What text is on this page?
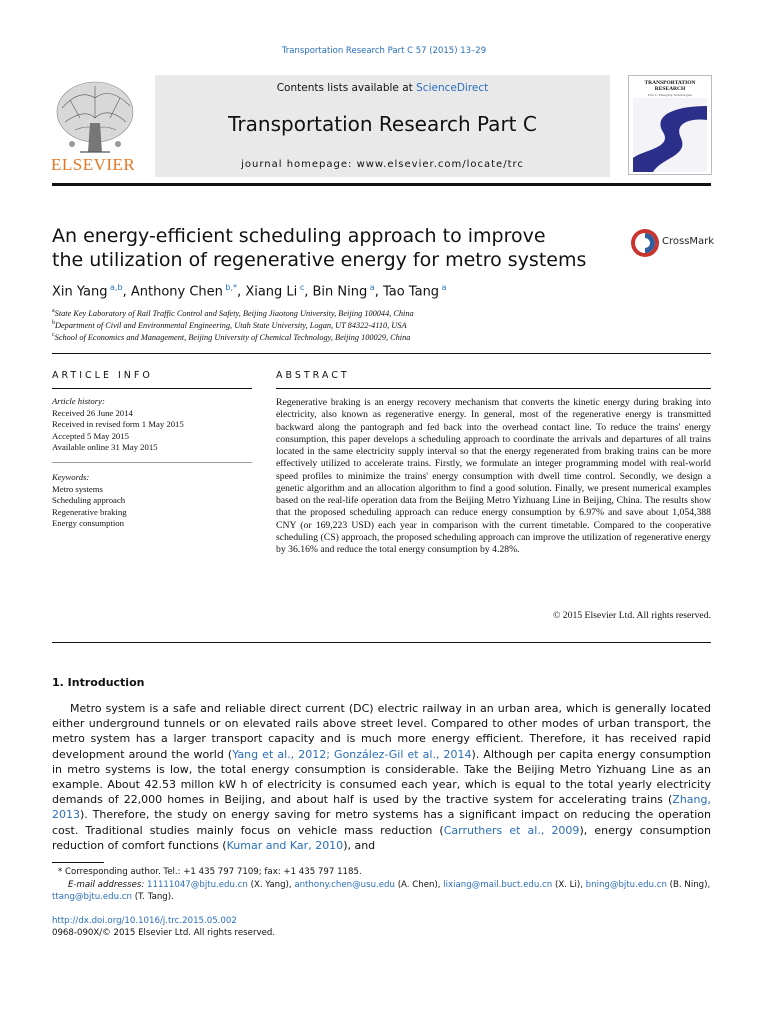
Transportation Research Part C 57 (2015) 13–29
Contents lists available at ScienceDirect
Transportation Research Part C
journal homepage: www.elsevier.com/locate/trc
ELSEVIER
TRANSPORTATION RESEARCH
Part C: Emerging Technologies
An energy-efficient scheduling approach to improve
the utilization of regenerative energy for metro systems
CrossMark
Xin Yang $^{a,b}$, Anthony Chen $^{b,*}$, Xiang Li $^c$, Bin Ning $^a$, Tao Tang $^a$
$^a$State Key Laboratory of Rail Traffic Control and Safety, Beijing Jiaotong University, Beijing 100044, China
$^b$Department of Civil and Environmental Engineering, Utah State University, Logan, UT 84322-4110, USA
$^c$School of Economics and Management, Beijing University of Chemical Technology, Beijing 100029, China
ARTICLE INFO
Article history:
Received 26 June 2014
Received in revised form 1 May 2015
Accepted 5 May 2015
Available online 31 May 2015
Keywords:
Metro systems
Scheduling approach
Regenerative braking
Energy consumption
ABSTRACT
Regenerative braking is an energy recovery mechanism that converts the kinetic energy during braking into electricity, also known as regenerative energy. In general, most of the regenerative energy is transmitted backward along the pantograph and fed back into the overhead contact line. To reduce the trains' energy consumption, this paper develops a scheduling approach to coordinate the arrivals and departures of all trains located in the same electricity supply interval so that the energy regenerated from braking trains can be more effectively utilized to accelerate trains. Firstly, we formulate an integer programming model with real-world speed profiles to minimize the trains' energy consumption with dwell time control. Secondly, we design a genetic algorithm and an allocation algorithm to find a good solution. Finally, we present numerical examples based on the real-life operation data from the Beijing Metro Yizhuang Line in Beijing, China. The results show that the proposed scheduling approach can reduce energy consumption by 6.97% and save about 1,054,388 CNY (or 169,223 USD) each year in comparison with the current timetable. Compared to the cooperative scheduling (CS) approach, the proposed scheduling approach can improve the utilization of regenerative energy by 36.16% and reduce the total energy consumption by 4.28%.
© 2015 Elsevier Ltd. All rights reserved.
1. Introduction
Metro system is a safe and reliable direct current (DC) electric railway in an urban area, which is generally located either underground tunnels or on elevated rails above street level. Compared to other modes of urban transport, the metro system has a larger transport capacity and is much more energy efficient. Therefore, it has received rapid development around the world (Yang et al., 2012; González-Gil et al., 2014). Although per capita energy consumption in metro systems is low, the total energy consumption is considerable. Take the Beijing Metro Yizhuang Line as an example. About 42.53 millon kW h of electricity is consumed each year, which is equal to the total yearly electricity demands of 22,000 homes in Beijing, and about half is used by the tractive system for accelerating trains (Zhang, 2013). Therefore, the study on energy saving for metro systems has a significant impact on reducing the operation cost. Traditional studies mainly focus on vehicle mass reduction (Carruthers et al., 2009), energy consumption reduction of comfort functions (Kumar and Kar, 2010), and
* Corresponding author. Tel.: +1 435 797 7109; fax: +1 435 797 1185.
E-mail addresses: 11111047@bjtu.edu.cn (X. Yang), anthony.chen@usu.edu (A. Chen), lixiang@mail.buct.edu.cn (X. Li), bning@bjtu.edu.cn (B. Ning), ttang@bjtu.edu.cn (T. Tang).
http://dx.doi.org/10.1016/j.trc.2015.05.002
0968-090X/© 2015 Elsevier Ltd. All rights reserved.
